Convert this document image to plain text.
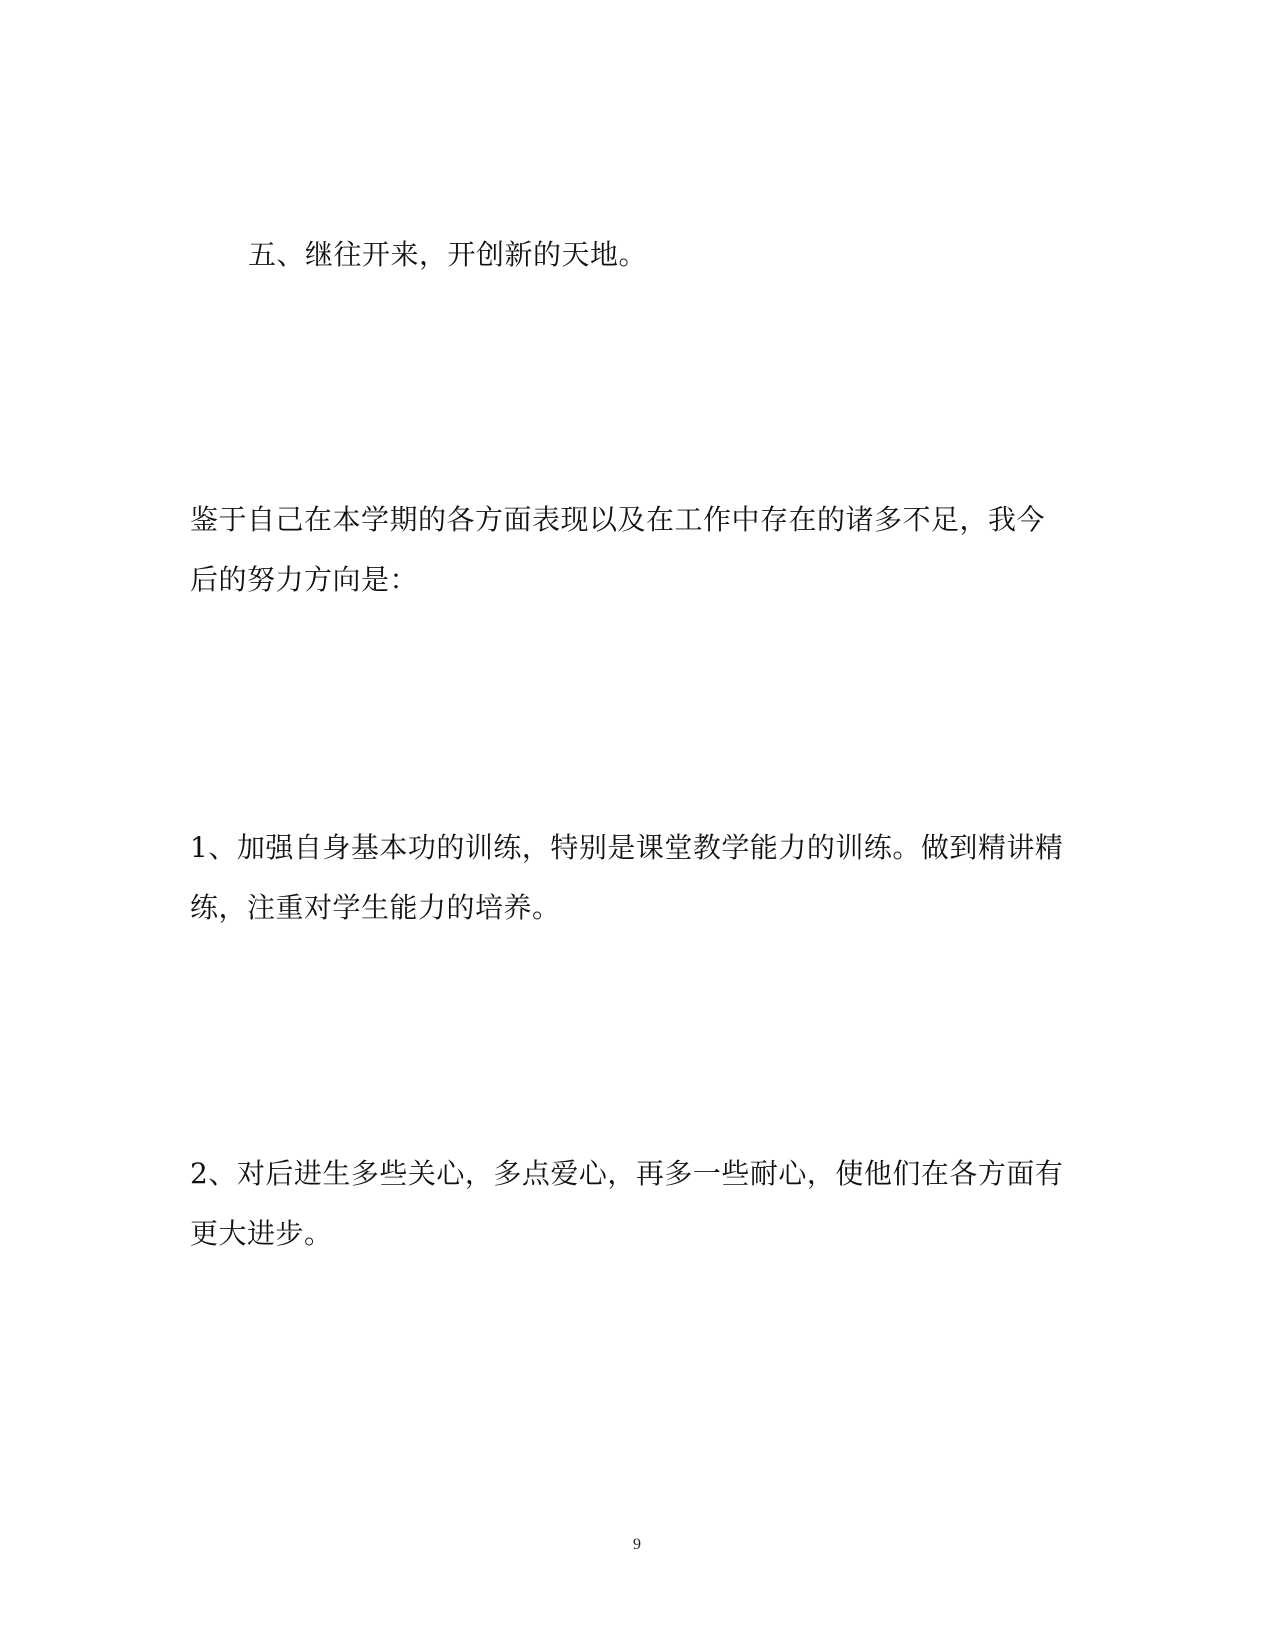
五、继往开来，开创新的天地。

鉴于自己在本学期的各方面表现以及在工作中存在的诸多不足，我今
后的努力方向是：

1、加强自身基本功的训练，特别是课堂教学能力的训练。做到精讲精
练，注重对学生能力的培养。

2、对后进生多些关心，多点爱心，再多一些耐心，使他们在各方面有
更大进步。

9
